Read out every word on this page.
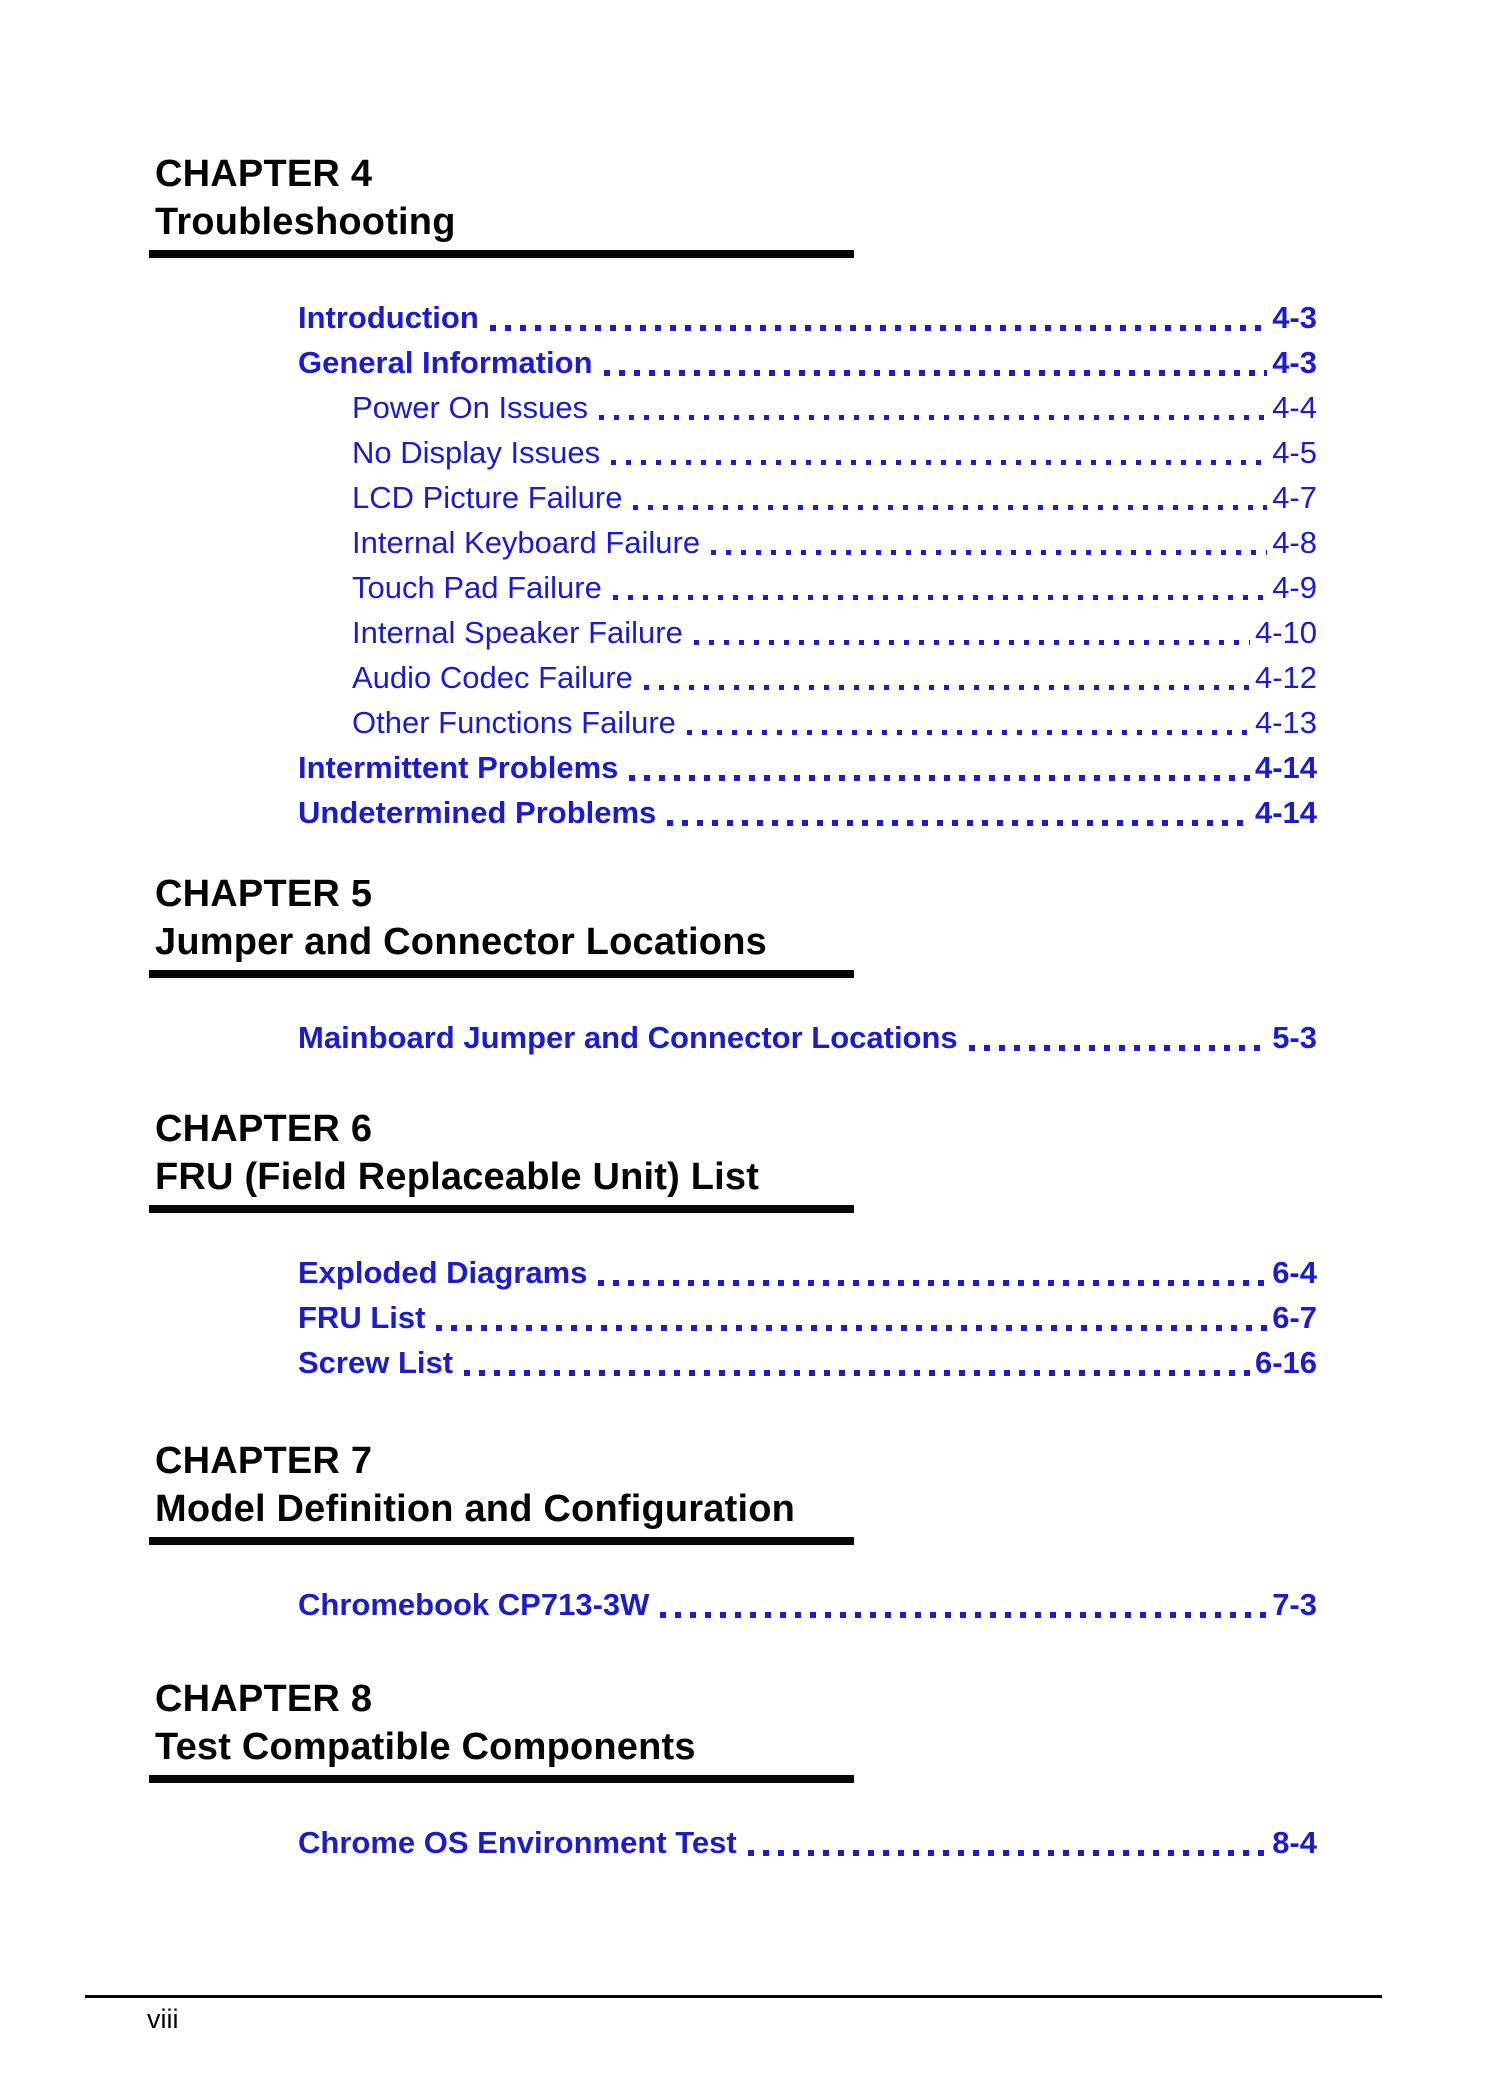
CHAPTER 4
Troubleshooting
Introduction	4-3
General Information	4-3
Power On Issues	4-4
No Display Issues	4-5
LCD Picture Failure	4-7
Internal Keyboard Failure	4-8
Touch Pad Failure	4-9
Internal Speaker Failure	4-10
Audio Codec Failure	4-12
Other Functions Failure	4-13
Intermittent Problems	4-14
Undetermined Problems	4-14
CHAPTER 5
Jumper and Connector Locations
Mainboard Jumper and Connector Locations	5-3
CHAPTER 6
FRU (Field Replaceable Unit) List
Exploded Diagrams	6-4
FRU List	6-7
Screw List	6-16
CHAPTER 7
Model Definition and Configuration
Chromebook CP713-3W	7-3
CHAPTER 8
Test Compatible Components
Chrome OS Environment Test	8-4
viii
